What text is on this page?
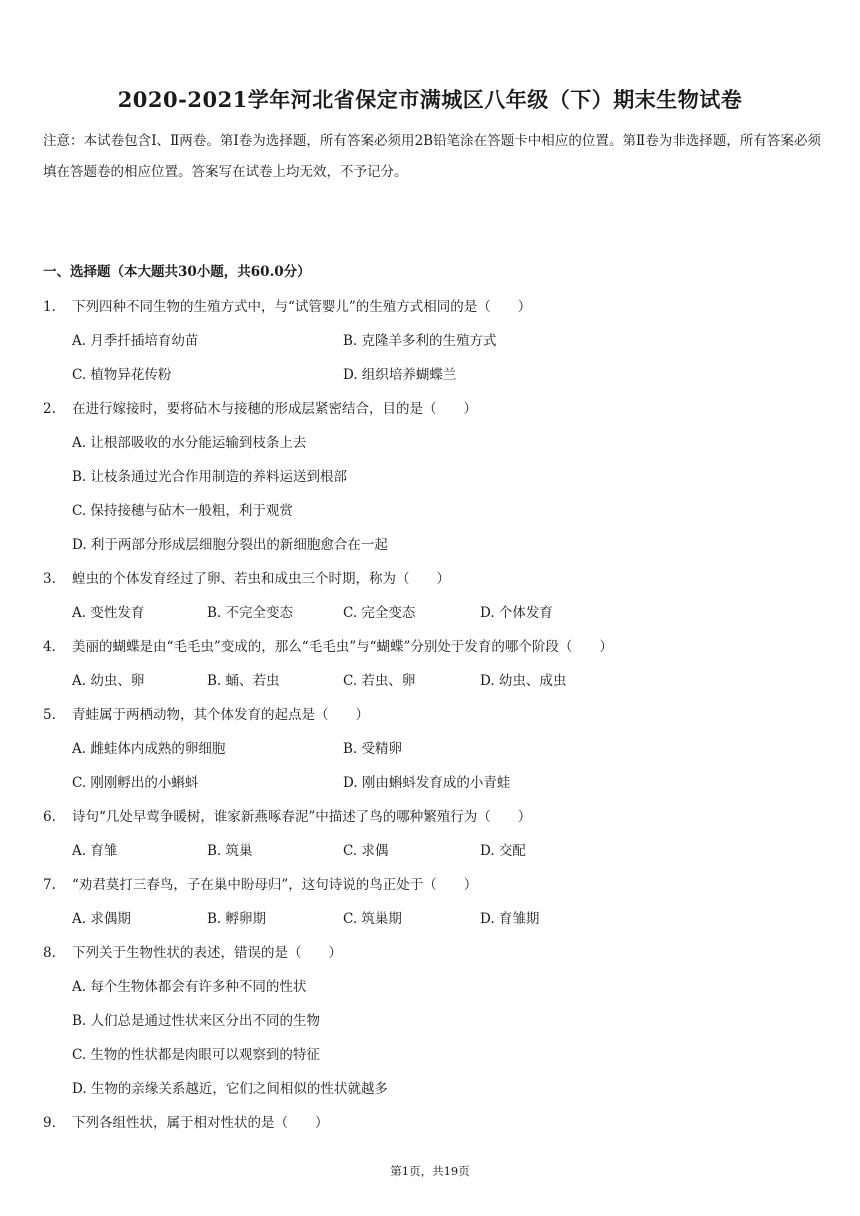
2020-2021学年河北省保定市满城区八年级（下）期末生物试卷
注意：本试卷包含Ⅰ、Ⅱ两卷。第Ⅰ卷为选择题，所有答案必须用2B铅笔涂在答题卡中相应的位置。第Ⅱ卷为非选择题，所有答案必须填在答题卷的相应位置。答案写在试卷上均无效，不予记分。
一、选择题（本大题共30小题，共60.0分）
1. 下列四种不同生物的生殖方式中，与“试管婴儿”的生殖方式相同的是（　　）
A. 月季扦插培育幼苗	B. 克隆羊多利的生殖方式
C. 植物异花传粉	D. 组织培养蝴蝶兰
2. 在进行嫁接时，要将砧木与接穗的形成层紧密结合，目的是（　　）
A. 让根部吸收的水分能运输到枝条上去
B. 让枝条通过光合作用制造的养料运送到根部
C. 保持接穗与砧木一般粗，利于观赏
D. 利于两部分形成层细胞分裂出的新细胞愈合在一起
3. 蝗虫的个体发育经过了卵、若虫和成虫三个时期，称为（　　）
A. 变性发育	B. 不完全变态	C. 完全变态	D. 个体发育
4. 美丽的蝴蝶是由“毛毛虫”变成的，那么“毛毛虫”与“蝴蝶”分别处于发育的哪个阶段（　　）
A. 幼虫、卵	B. 蛹、若虫	C. 若虫、卵	D. 幼虫、成虫
5. 青蛙属于两栖动物，其个体发育的起点是（　　）
A. 雌蛙体内成熟的卵细胞	B. 受精卵
C. 刚刚孵出的小蝌蚪	D. 刚由蝌蚪发育成的小青蛙
6. 诗句“几处早莺争暖树，谁家新燕啄春泥”中描述了鸟的哪种繁殖行为（　　）
A. 育雏	B. 筑巢	C. 求偶	D. 交配
7. “劝君莫打三春鸟，子在巢中盼母归”，这句诗说的鸟正处于（　　）
A. 求偶期	B. 孵卵期	C. 筑巢期	D. 育雏期
8. 下列关于生物性状的表述，错误的是（　　）
A. 每个生物体都会有许多种不同的性状
B. 人们总是通过性状来区分出不同的生物
C. 生物的性状都是肉眼可以观察到的特征
D. 生物的亲缘关系越近，它们之间相似的性状就越多
9. 下列各组性状，属于相对性状的是（　　）
第1页，共19页
